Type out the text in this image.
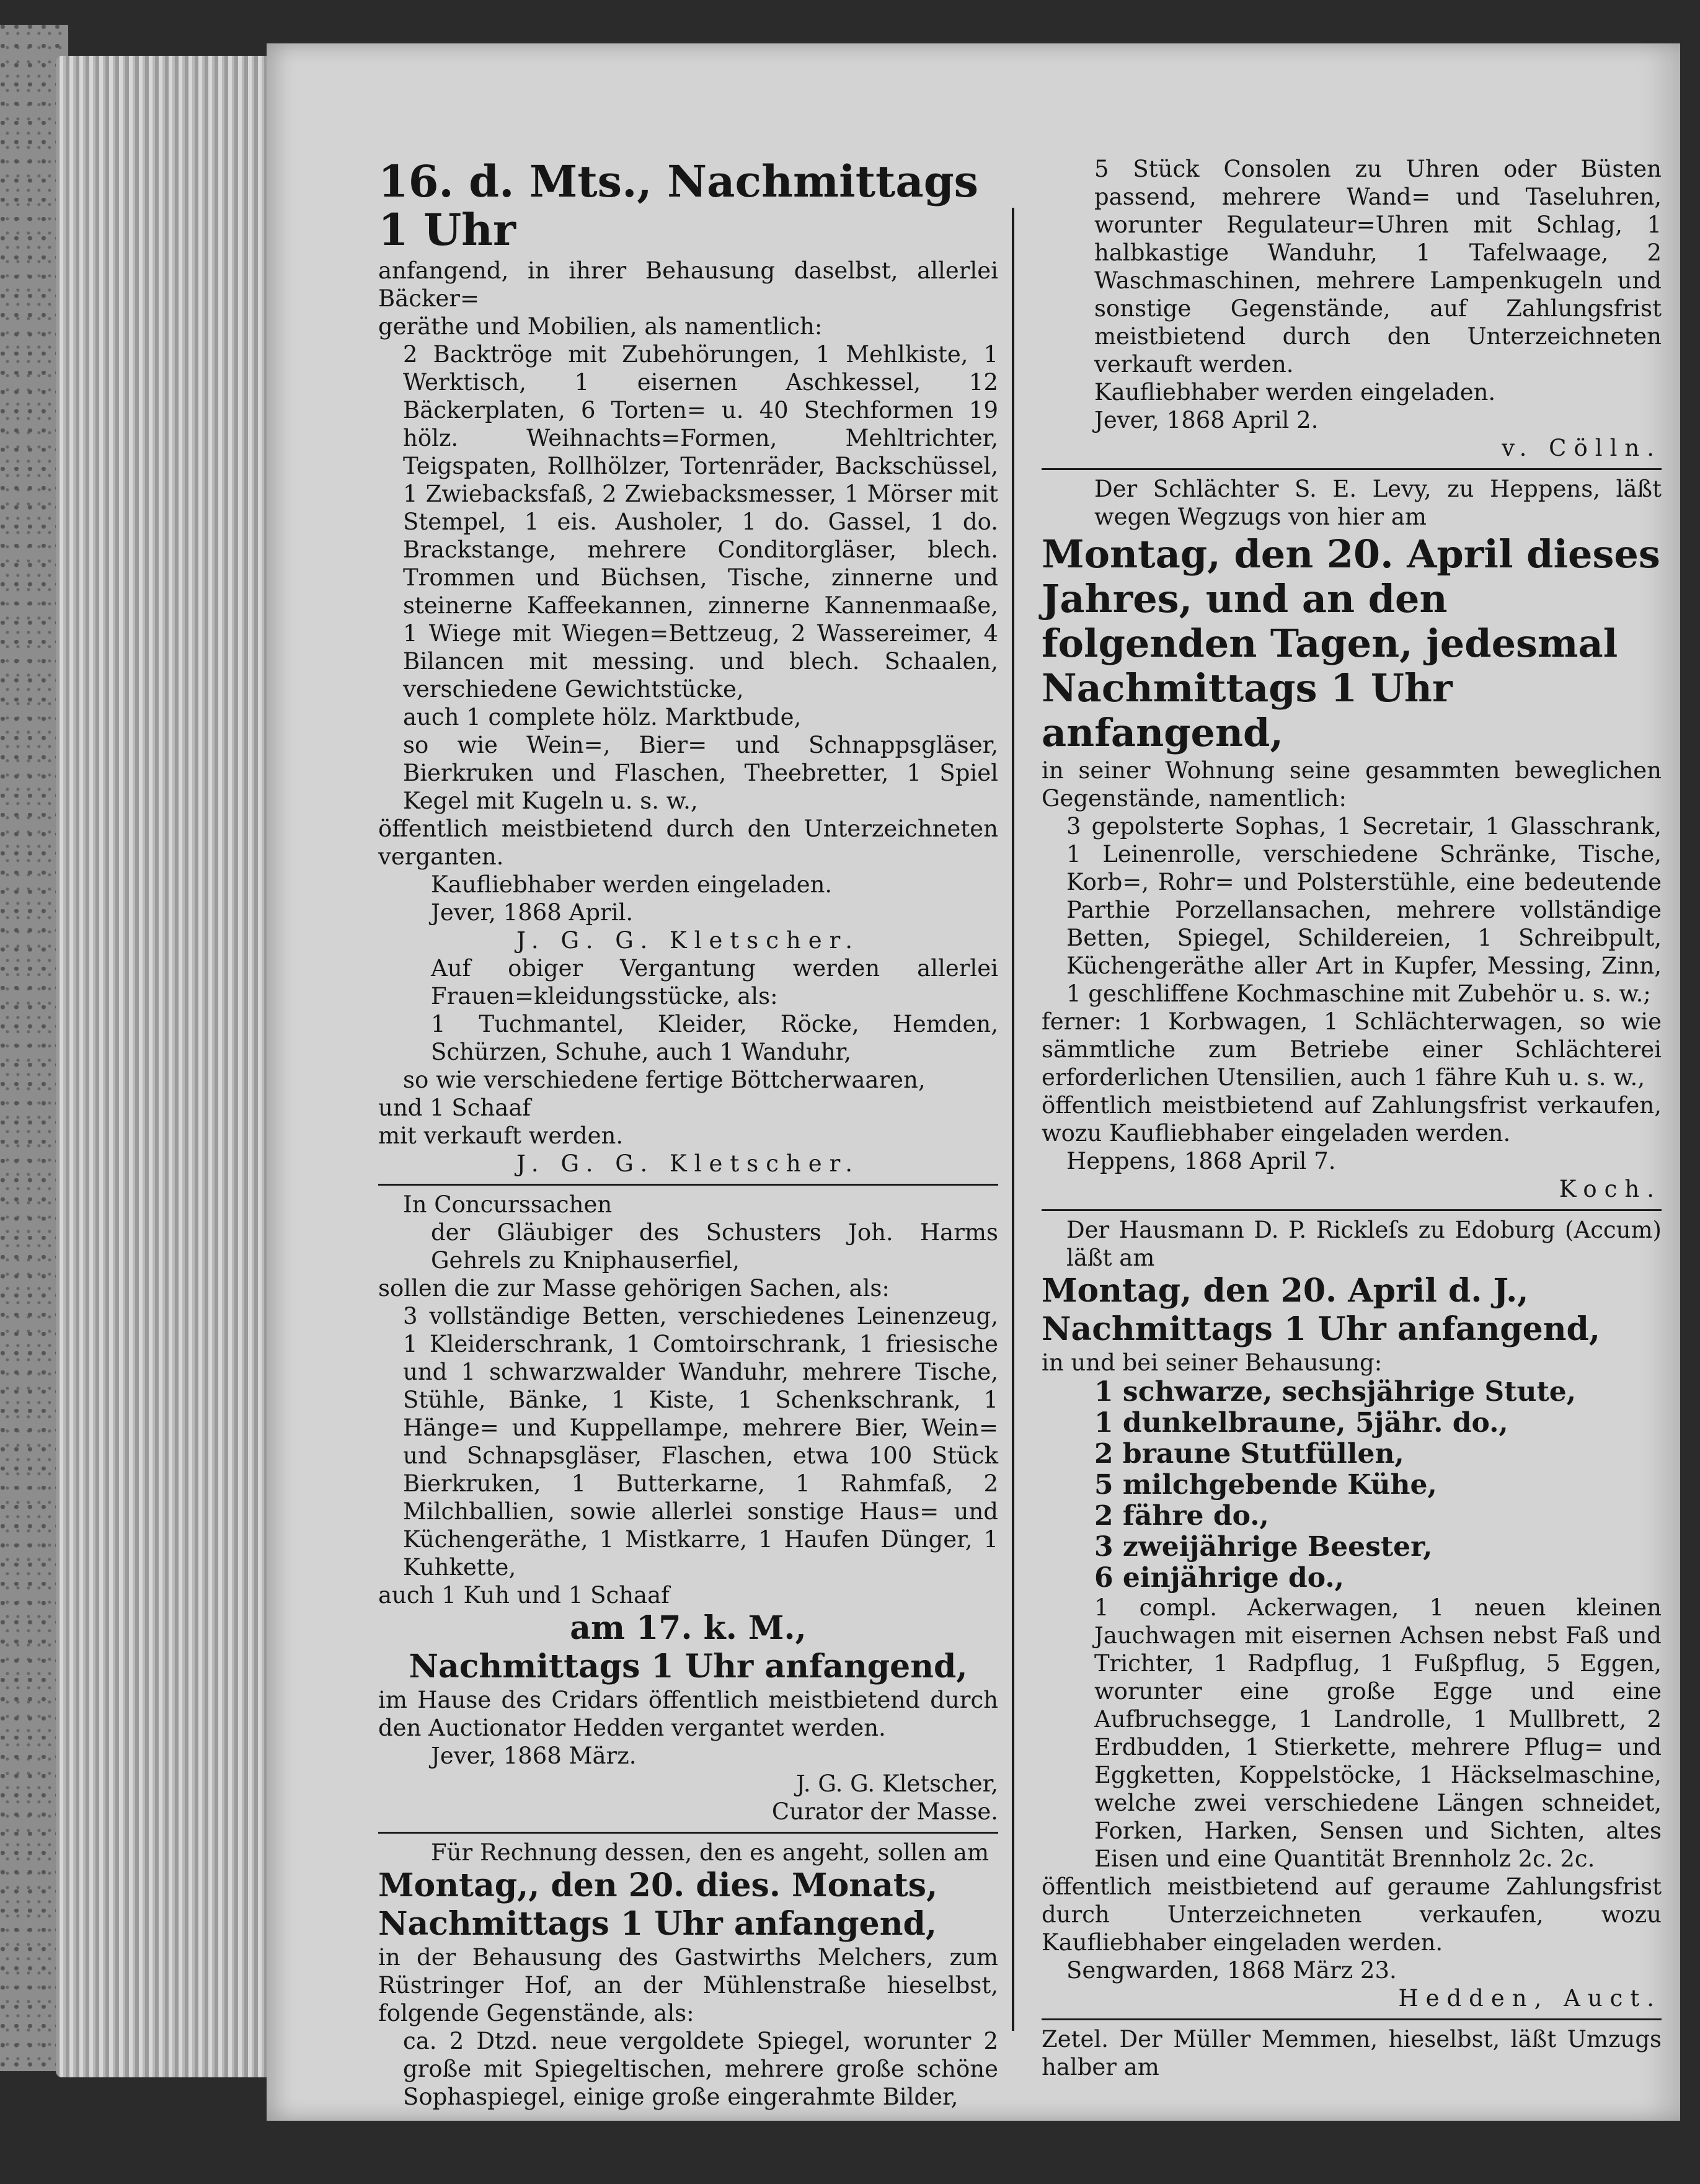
16. d. Mts., Nachmittags 1 Uhr

anfangend, in ihrer Behausung daselbst, allerlei Bäcker=

geräthe und Mobilien, als namentlich:

2 Backtröge mit Zubehörungen, 1 Mehlkiste, 1 Werktisch, 1 eisernen Aschkessel, 12 Bäckerplaten, 6 Torten= u. 40 Stechformen 19 hölz. Weihnachts=Formen, Mehltrichter, Teigspaten, Rollhölzer, Tortenräder, Backschüssel, 1 Zwiebacksfaß, 2 Zwiebacksmesser, 1 Mörser mit Stempel, 1 eis. Ausholer, 1 do. Gassel, 1 do. Brackstange, mehrere Conditorgläser, blech. Trommen und Büchsen, Tische, zinnerne und steinerne Kaffeekannen, zinnerne Kannenmaaße, 1 Wiege mit Wiegen=Bettzeug, 2 Wassereimer, 4 Bilancen mit messing. und blech. Schaalen, verschiedene Gewichtstücke,

auch 1 complete hölz. Marktbude,

so wie Wein=, Bier= und Schnappsgläser, Bierkruken und Flaschen, Theebretter, 1 Spiel Kegel mit Kugeln u. s. w.,

öffentlich meistbietend durch den Unterzeichneten verganten.

Kaufliebhaber werden eingeladen.

Jever, 1868 April.

J. G. G. Kletscher.

Auf obiger Vergantung werden allerlei Frauen=kleidungsstücke, als:

1 Tuchmantel, Kleider, Röcke, Hemden, Schürzen, Schuhe, auch 1 Wanduhr,

so wie verschiedene fertige Böttcherwaaren,

und 1 Schaaf

mit verkauft werden.

J. G. G. Kletscher.

In Concurssachen

der Gläubiger des Schusters Joh. Harms Gehrels zu Kniphauserfiel,

sollen die zur Masse gehörigen Sachen, als:

3 vollständige Betten, verschiedenes Leinenzeug, 1 Kleiderschrank, 1 Comtoirschrank, 1 friesische und 1 schwarzwalder Wanduhr, mehrere Tische, Stühle, Bänke, 1 Kiste, 1 Schenkschrank, 1 Hänge= und Kuppellampe, mehrere Bier, Wein= und Schnapsgläser, Flaschen, etwa 100 Stück Bierkruken, 1 Butterkarne, 1 Rahmfaß, 2 Milchballien, sowie allerlei sonstige Haus= und Küchengeräthe, 1 Mistkarre, 1 Haufen Dünger, 1 Kuhkette,

auch 1 Kuh und 1 Schaaf

am 17. k. M.,
Nachmittags 1 Uhr anfangend,

im Hause des Cridars öffentlich meistbietend durch den Auctionator Hedden vergantet werden.

Jever, 1868 März.

J. G. G. Kletscher,

Curator der Masse.

Für Rechnung dessen, den es angeht, sollen am

Montag,, den 20. dies. Monats,
Nachmittags 1 Uhr anfangend,

in der Behausung des Gastwirths Melchers, zum Rüstringer Hof, an der Mühlenstraße hieselbst, folgende Gegenstände, als:

ca. 2 Dtzd. neue vergoldete Spiegel, worunter 2 große mit Spiegeltischen, mehrere große schöne Sophaspiegel, einige große eingerahmte Bilder,

5 Stück Consolen zu Uhren oder Büsten passend, mehrere Wand= und Taseluhren, worunter Regulateur=Uhren mit Schlag, 1 halbkastige Wanduhr, 1 Tafelwaage, 2 Waschmaschinen, mehrere Lampenkugeln und sonstige Gegenstände, auf Zahlungsfrist meistbietend durch den Unterzeichneten verkauft werden.

Kaufliebhaber werden eingeladen.

Jever, 1868 April 2.

v. Cölln.

Der Schlächter S. E. Levy, zu Heppens, läßt wegen Wegzugs von hier am

Montag, den 20. April dieses Jahres, und an den folgenden Tagen, jedesmal Nachmittags 1 Uhr anfangend,

in seiner Wohnung seine gesammten beweglichen Gegenstände, namentlich:

3 gepolsterte Sophas, 1 Secretair, 1 Glasschrank, 1 Leinenrolle, verschiedene Schränke, Tische, Korb=, Rohr= und Polsterstühle, eine bedeutende Parthie Porzellansachen, mehrere vollständige Betten, Spiegel, Schildereien, 1 Schreibpult, Küchengeräthe aller Art in Kupfer, Messing, Zinn, 1 geschliffene Kochmaschine mit Zubehör u. s. w.;

ferner: 1 Korbwagen, 1 Schlächterwagen, so wie sämmtliche zum Betriebe einer Schlächterei erforderlichen Utensilien, auch 1 fähre Kuh u. s. w.,

öffentlich meistbietend auf Zahlungsfrist verkaufen, wozu Kaufliebhaber eingeladen werden.

Heppens, 1868 April 7.

Koch.

Der Hausmann D. P. Rickleſs zu Edoburg (Accum) läßt am

Montag, den 20. April d. J., Nachmittags 1 Uhr anfangend,

in und bei seiner Behausung:

1 schwarze, sechsjährige Stute,
1 dunkelbraune, 5jähr. do.,
2 braune Stutfüllen,
5 milchgebende Kühe,
2 fähre do.,
3 zweijährige Beester,
6 einjährige do.,

1 compl. Ackerwagen, 1 neuen kleinen Jauchwagen mit eisernen Achsen nebst Faß und Trichter, 1 Radpflug, 1 Fußpflug, 5 Eggen, worunter eine große Egge und eine Aufbruchsegge, 1 Landrolle, 1 Mullbrett, 2 Erdbudden, 1 Stierkette, mehrere Pflug= und Eggketten, Koppelstöcke, 1 Häckselmaschine, welche zwei verschiedene Längen schneidet, Forken, Harken, Sensen und Sichten, altes Eisen und eine Quantität Brennholz 2c. 2c.

öffentlich meistbietend auf geraume Zahlungsfrist durch Unterzeichneten verkaufen, wozu Kaufliebhaber eingeladen werden.

Sengwarden, 1868 März 23.

Hedden, Auct.

Zetel. Der Müller Memmen, hieselbst, läßt Umzugs halber am
